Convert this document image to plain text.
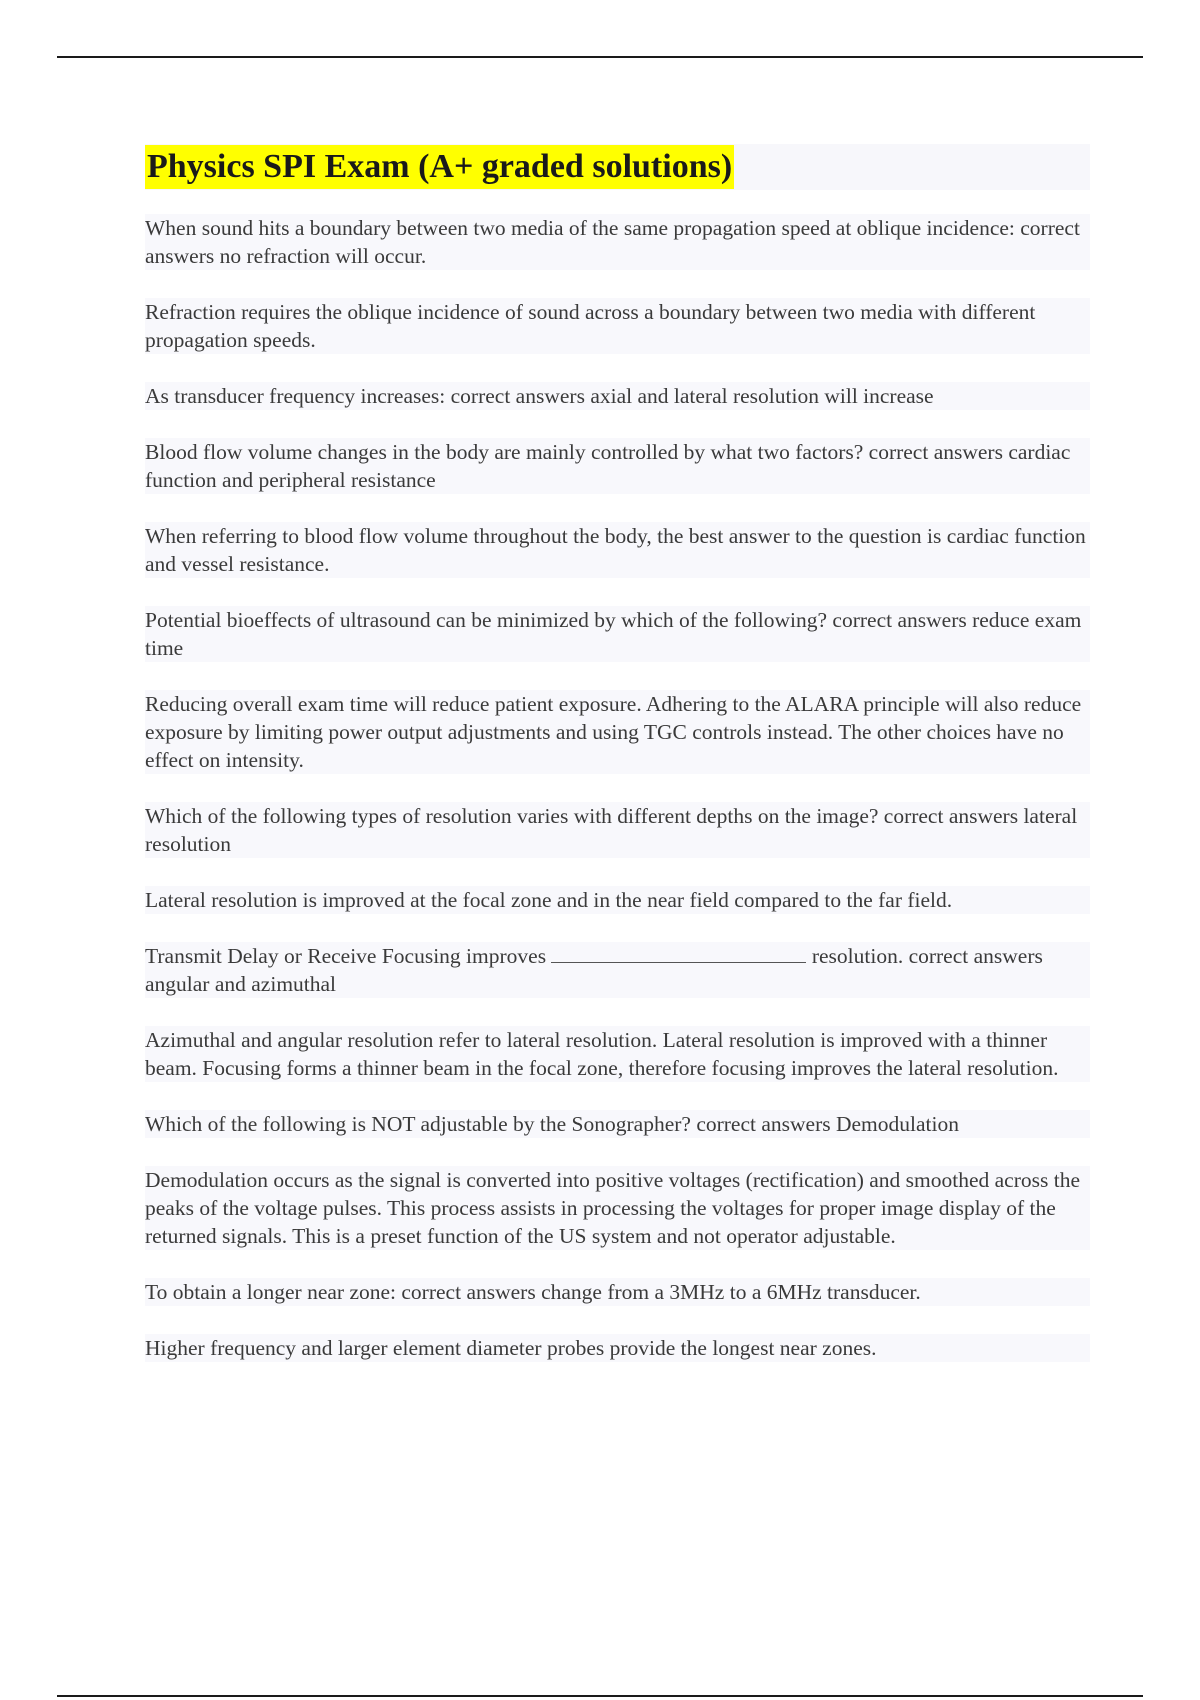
Physics SPI Exam (A+ graded solutions)

When sound hits a boundary between two media of the same propagation speed at oblique incidence: correct answers no refraction will occur.

Refraction requires the oblique incidence of sound across a boundary between two media with different propagation speeds.

As transducer frequency increases: correct answers axial and lateral resolution will increase

Blood flow volume changes in the body are mainly controlled by what two factors? correct answers cardiac function and peripheral resistance

When referring to blood flow volume throughout the body, the best answer to the question is cardiac function and vessel resistance.

Potential bioeffects of ultrasound can be minimized by which of the following? correct answers reduce exam time

Reducing overall exam time will reduce patient exposure. Adhering to the ALARA principle will also reduce exposure by limiting power output adjustments and using TGC controls instead. The other choices have no effect on intensity.

Which of the following types of resolution varies with different depths on the image? correct answers lateral resolution

Lateral resolution is improved at the focal zone and in the near field compared to the far field.

Transmit Delay or Receive Focusing improves	resolution. correct answers angular and azimuthal

Azimuthal and angular resolution refer to lateral resolution. Lateral resolution is improved with a thinner beam. Focusing forms a thinner beam in the focal zone, therefore focusing improves the lateral resolution.

Which of the following is NOT adjustable by the Sonographer? correct answers Demodulation

Demodulation occurs as the signal is converted into positive voltages (rectification) and smoothed across the peaks of the voltage pulses. This process assists in processing the voltages for proper image display of the returned signals. This is a preset function of the US system and not operator adjustable.

To obtain a longer near zone: correct answers change from a 3MHz to a 6MHz transducer.

Higher frequency and larger element diameter probes provide the longest near zones.
